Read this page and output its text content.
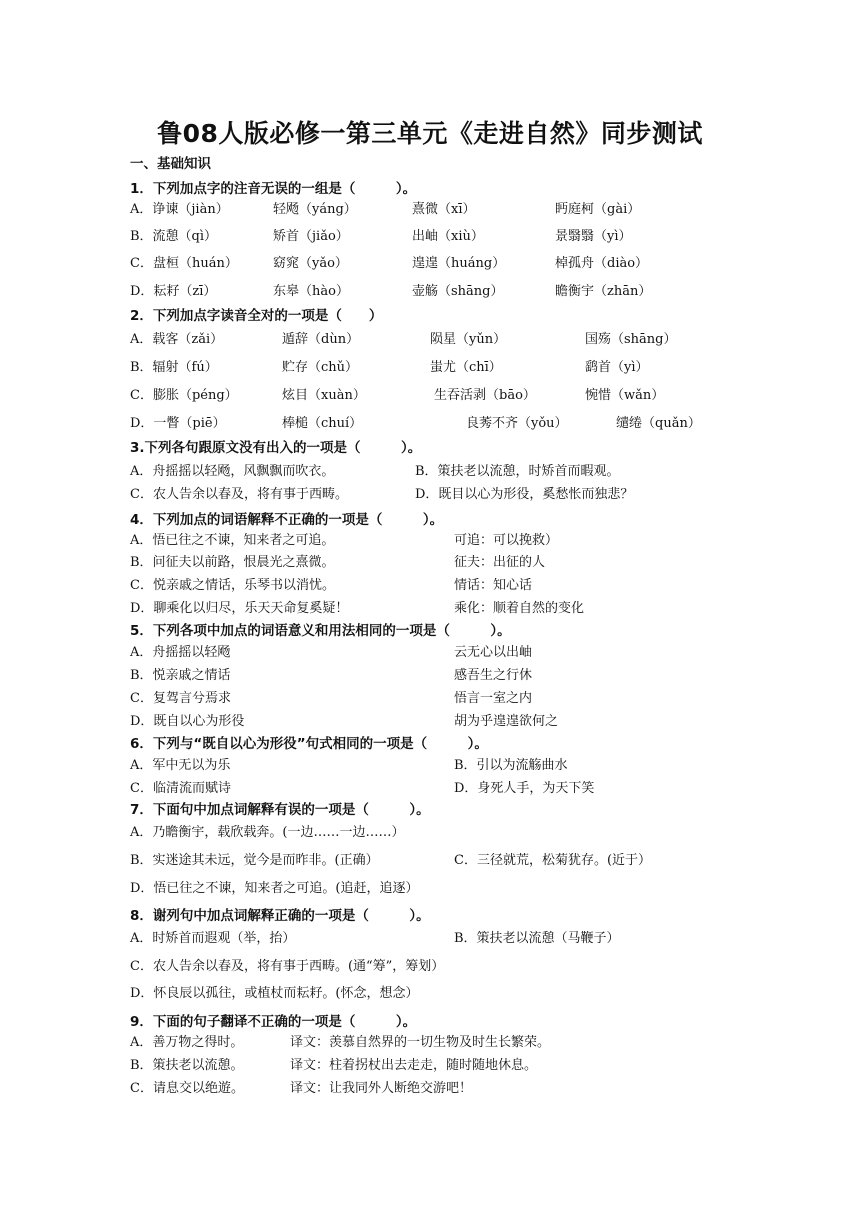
鲁08人版必修一第三单元《走进自然》同步测试
一、基础知识
1．下列加点字的注音无误的一组是（　　　）。
A．诤谏（jiàn）	轻飏（yáng）	熹微（xī）	眄庭柯（gài）
B．流憩（qì）	矫首（jiǎo）	出岫（xiù）	景翳翳（yì）
C．盘桓（huán）	窈窕（yǎo）	遑遑（huáng）	棹孤舟（diào）
D．耘耔（zī）	东皋（hào）	壶觞（shāng）	瞻衡宇（zhān）
2．下列加点字读音全对的一项是（　　）
A．载客（zǎi）	遁辞（dùn）	陨星（yǔn）	国殇（shāng）
B．辐射（fú）	贮存（chǔ）	蚩尤（chī）	鹞首（yì）
C．膨胀（péng）	炫目（xuàn）	生吞活剥（bāo）	惋惜（wǎn）
D．一瞥（piē）	棒槌（chuí）	良莠不齐（yǒu）	缱绻（quǎn）
3.下列各句跟原文没有出入的一项是（　　　）。
A．舟摇摇以轻飏，风飘飘而吹衣。	B．策扶老以流憩，时矫首而暇观。
C．农人告余以春及，将有事于西畴。	D．既目以心为形役，奚愁怅而独悲？
4．下列加点的词语解释不正确的一项是（　　　）。
A．悟已往之不谏，知来者之可追。	可追：可以挽救）
B．问征夫以前路，恨晨光之熹微。	征夫：出征的人
C．悦亲戚之情话，乐琴书以消忧。	情话：知心话
D．聊乘化以归尽，乐天天命复奚疑！	乘化：顺着自然的变化
5．下列各项中加点的词语意义和用法相同的一项是（　　　）。
A．舟摇摇以轻飏	云无心以出岫
B．悦亲戚之情话	感吾生之行休
C．复驾言兮焉求	悟言一室之内
D．既自以心为形役	胡为乎遑遑欲何之
6．下列与“既自以心为形役”句式相同的一项是（　　　）。
A．军中无以为乐	B．引以为流觞曲水
C．临清流而赋诗	D．身死人手，为天下笑
7．下面句中加点词解释有误的一项是（　　　）。
A．乃瞻衡宇，载欣载奔。(一边……一边……）
B．实迷途其未远，觉今是而昨非。(正确）	C．三径就荒，松菊犹存。(近于）
D．悟已往之不谏，知来者之可追。(追赶，追逐）
8．谢列句中加点词解释正确的一项是（　　　）。
A．时矫首而遐观（举，抬）	B．策扶老以流憩（马鞭子）
C．农人告余以春及，将有事于西畴。(通“筹”，筹划）
D．怀良辰以孤往，或植杖而耘耔。(怀念，想念）
9．下面的句子翻译不正确的一项是（　　　）。
A．善万物之得时。	译文：羡慕自然界的一切生物及时生长繁荣。
B．策扶老以流憩。	译文：柱着拐杖出去走走，随时随地休息。
C．请息交以绝遊。	译文：让我同外人断绝交游吧！
